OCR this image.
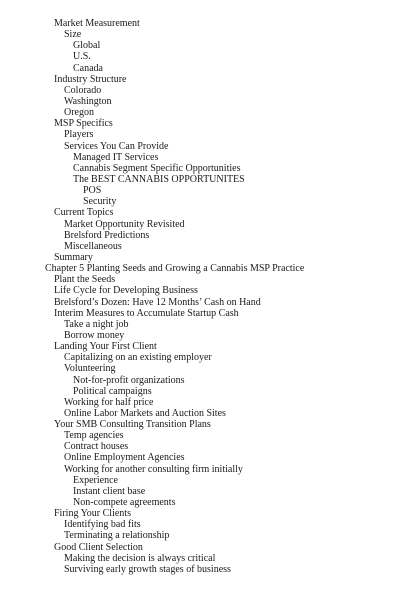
Market Measurement
Size
Global
U.S.
Canada
Industry Structure
Colorado
Washington
Oregon
MSP Specifics
Players
Services You Can Provide
Managed IT Services
Cannabis Segment Specific Opportunities
The BEST CANNABIS OPPORTUNITES
POS
Security
Current Topics
Market Opportunity Revisited
Brelsford Predictions
Miscellaneous
Summary
Chapter 5 Planting Seeds and Growing a Cannabis MSP Practice
Plant the Seeds
Life Cycle for Developing Business
Brelsford’s Dozen: Have 12 Months’ Cash on Hand
Interim Measures to Accumulate Startup Cash
Take a night job
Borrow money
Landing Your First Client
Capitalizing on an existing employer
Volunteering
Not-for-profit organizations
Political campaigns
Working for half price
Online Labor Markets and Auction Sites
Your SMB Consulting Transition Plans
Temp agencies
Contract houses
Online Employment Agencies
Working for another consulting firm initially
Experience
Instant client base
Non-compete agreements
Firing Your Clients
Identifying bad fits
Terminating a relationship
Good Client Selection
Making the decision is always critical
Surviving early growth stages of business
